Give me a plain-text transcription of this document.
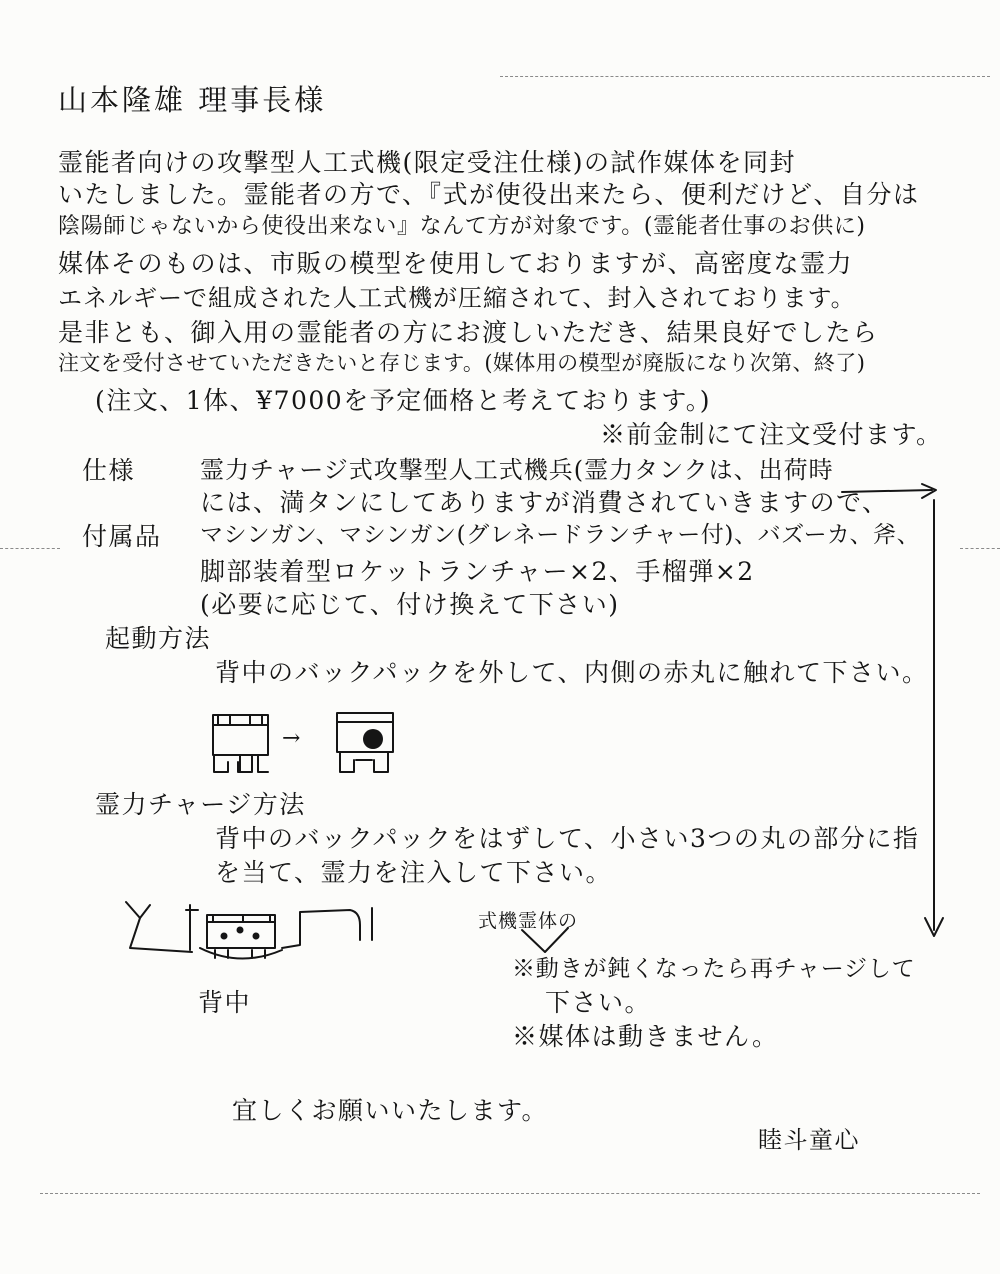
山本隆雄 理事長様
霊能者向けの攻撃型人工式機(限定受注仕様)の試作媒体を同封
いたしました。霊能者の方で、『式が使役出来たら、便利だけど、自分は
陰陽師じゃないから使役出来ない』なんて方が対象です。(霊能者仕事のお供に)
媒体そのものは、市販の模型を使用しておりますが、高密度な霊力
エネルギーで組成された人工式機が圧縮されて、封入されております。
是非とも、御入用の霊能者の方にお渡しいただき、結果良好でしたら
注文を受付させていただきたいと存じます。(媒体用の模型が廃版になり次第、終了)
(注文、1体、¥7000を予定価格と考えております。)
※前金制にて注文受付ます。
仕様	霊力チャージ式攻撃型人工式機兵(霊力タンクは、出荷時
には、満タンにしてありますが消費されていきますので、
付属品 マシンガン、マシンガン(グレネードランチャー付)、バズーカ、斧、
脚部装着型ロケットランチャー×2、手榴弾×2
(必要に応じて、付け換えて下さい)
起動方法
背中のバックパックを外して、内側の赤丸に触れて下さい。
→
霊力チャージ方法
背中のバックパックをはずして、小さい3つの丸の部分に指
を当て、霊力を注入して下さい。
背中
式機霊体の
※動きが鈍くなったら再チャージして
下さい。
※媒体は動きません。
宜しくお願いいたします。
睦斗童心
